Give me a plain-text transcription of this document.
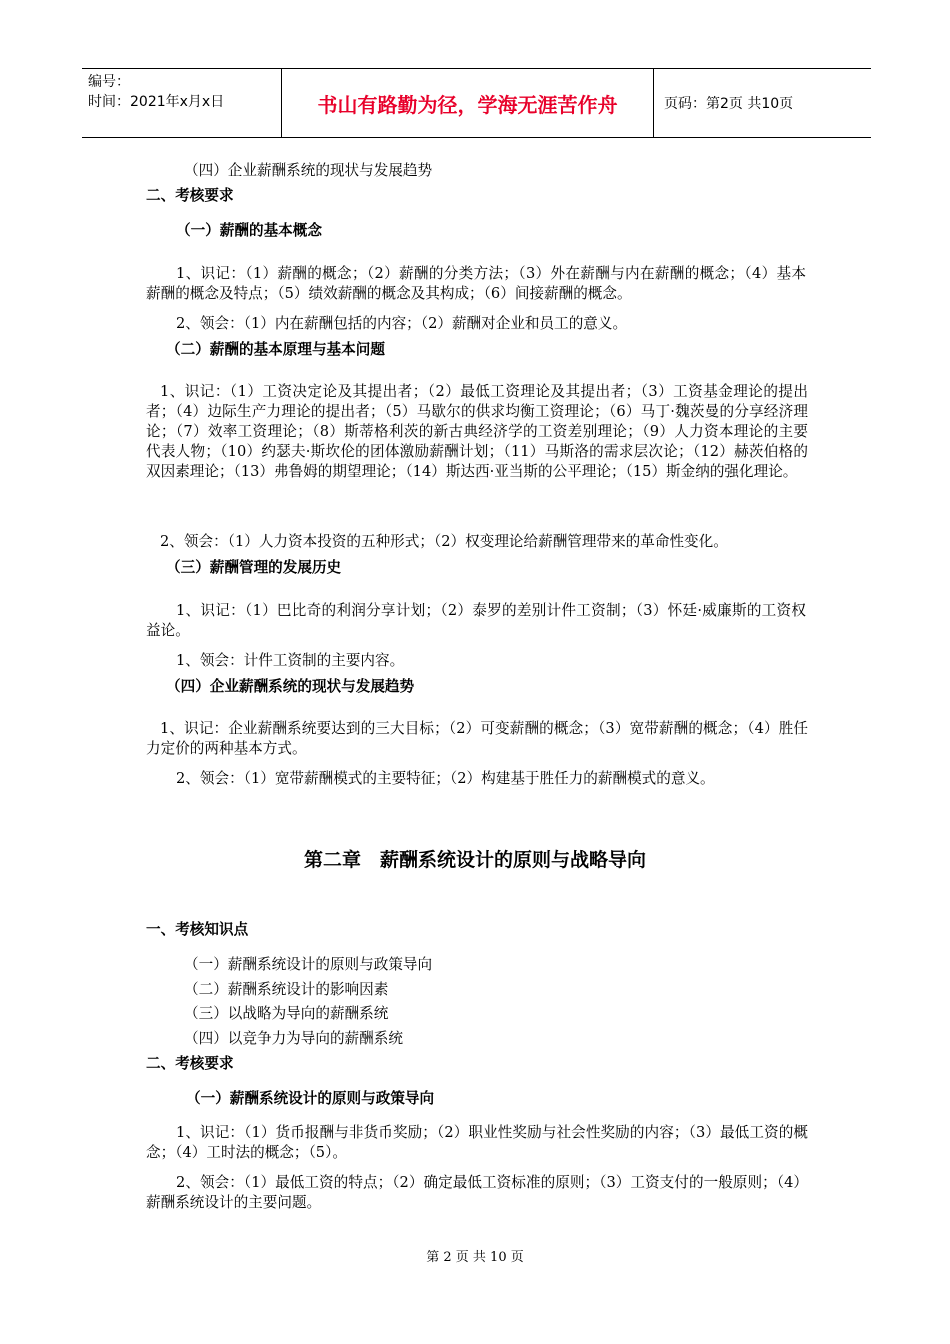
编号：
时间：2021年x月x日	书山有路勤为径，学海无涯苦作舟	页码：第2页 共10页
（四）企业薪酬系统的现状与发展趋势
二、考核要求
（一）薪酬的基本概念
1、识记：（1）薪酬的概念；（2）薪酬的分类方法；（3）外在薪酬与内在薪酬的概念；（4）基本薪酬的概念及特点；（5）绩效薪酬的概念及其构成；（6）间接薪酬的概念。
2、领会：（1）内在薪酬包括的内容；（2）薪酬对企业和员工的意义。
（二）薪酬的基本原理与基本问题
1、识记：（1）工资决定论及其提出者；（2）最低工资理论及其提出者；（3）工资基金理论的提出者；（4）边际生产力理论的提出者；（5）马歇尔的供求均衡工资理论；（6）马丁·魏茨曼的分享经济理论；（7）效率工资理论；（8）斯蒂格利茨的新古典经济学的工资差别理论；（9）人力资本理论的主要代表人物；（10）约瑟夫·斯坎伦的团体激励薪酬计划；（11）马斯洛的需求层次论；（12）赫茨伯格的双因素理论；（13）弗鲁姆的期望理论；（14）斯达西·亚当斯的公平理论；（15）斯金纳的强化理论。
2、领会：（1）人力资本投资的五种形式；（2）权变理论给薪酬管理带来的革命性变化。
（三）薪酬管理的发展历史
1、识记：（1）巴比奇的利润分享计划；（2）泰罗的差别计件工资制；（3）怀廷·威廉斯的工资权益论。
1、领会：计件工资制的主要内容。
（四）企业薪酬系统的现状与发展趋势
1、识记：企业薪酬系统要达到的三大目标；（2）可变薪酬的概念；（3）宽带薪酬的概念；（4）胜任力定价的两种基本方式。
2、领会：（1）宽带薪酬模式的主要特征；（2）构建基于胜任力的薪酬模式的意义。
第二章　薪酬系统设计的原则与战略导向
一、考核知识点
（一）薪酬系统设计的原则与政策导向
（二）薪酬系统设计的影响因素
（三）以战略为导向的薪酬系统
（四）以竞争力为导向的薪酬系统
二、考核要求
（一）薪酬系统设计的原则与政策导向
1、识记：（1）货币报酬与非货币奖励；（2）职业性奖励与社会性奖励的内容；（3）最低工资的概念；（4）工时法的概念；（5）。
2、领会：（1）最低工资的特点；（2）确定最低工资标准的原则；（3）工资支付的一般原则；（4）薪酬系统设计的主要问题。
第 2 页 共 10 页
